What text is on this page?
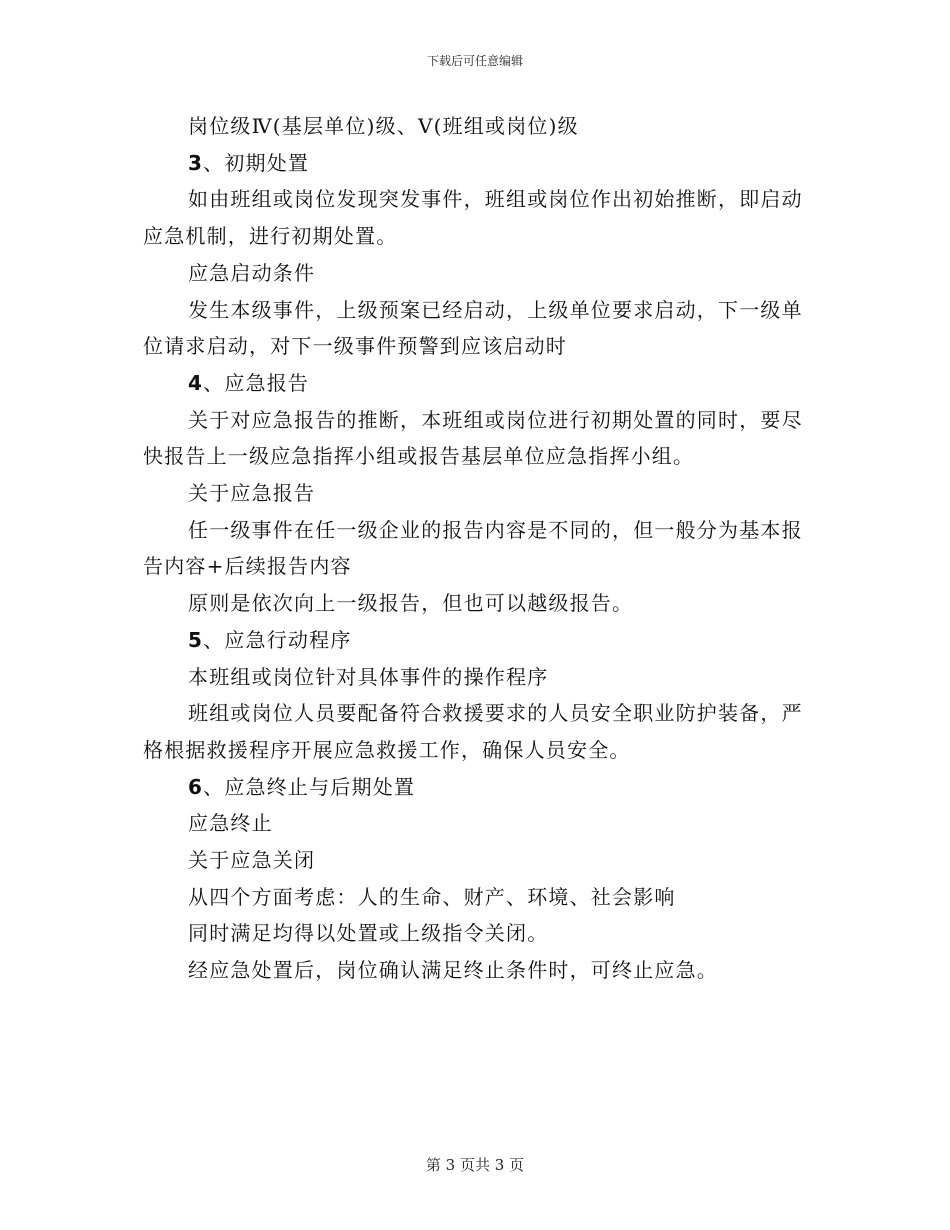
下载后可任意编辑

岗位级Ⅳ(基层单位)级、Ⅴ(班组或岗位)级

3、初期处置

如由班组或岗位发现突发事件，班组或岗位作出初始推断，即启动应急机制，进行初期处置。

应急启动条件

发生本级事件，上级预案已经启动，上级单位要求启动，下一级单位请求启动，对下一级事件预警到应该启动时

4、应急报告

关于对应急报告的推断，本班组或岗位进行初期处置的同时，要尽快报告上一级应急指挥小组或报告基层单位应急指挥小组。

关于应急报告

任一级事件在任一级企业的报告内容是不同的，但一般分为基本报告内容+后续报告内容

原则是依次向上一级报告，但也可以越级报告。

5、应急行动程序

本班组或岗位针对具体事件的操作程序

班组或岗位人员要配备符合救援要求的人员安全职业防护装备，严格根据救援程序开展应急救援工作，确保人员安全。

6、应急终止与后期处置

应急终止

关于应急关闭

从四个方面考虑：人的生命、财产、环境、社会影响

同时满足均得以处置或上级指令关闭。

经应急处置后，岗位确认满足终止条件时，可终止应急。

第 3 页共 3 页
